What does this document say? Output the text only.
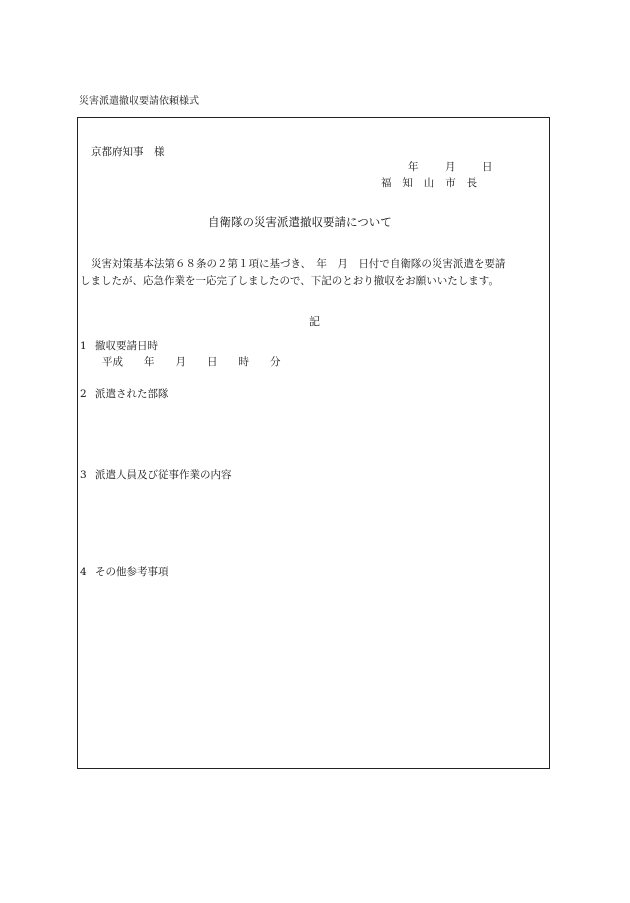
災害派遣撤収要請依頼様式
京都府知事　様
年	月	日
福　知　山　市　長
自衛隊の災害派遣撤収要請について
災害対策基本法第６８条の２第１項に基づき、　年　月　日付で自衛隊の災害派遣を要請
しましたが、応急作業を一応完了しましたので、下記のとおり撤収をお願いいたします。
記
1 撤収要請日時
平成　　年　　月　　日　　時　　分
2 派遣された部隊
3 派遣人員及び従事作業の内容
4 その他参考事項
